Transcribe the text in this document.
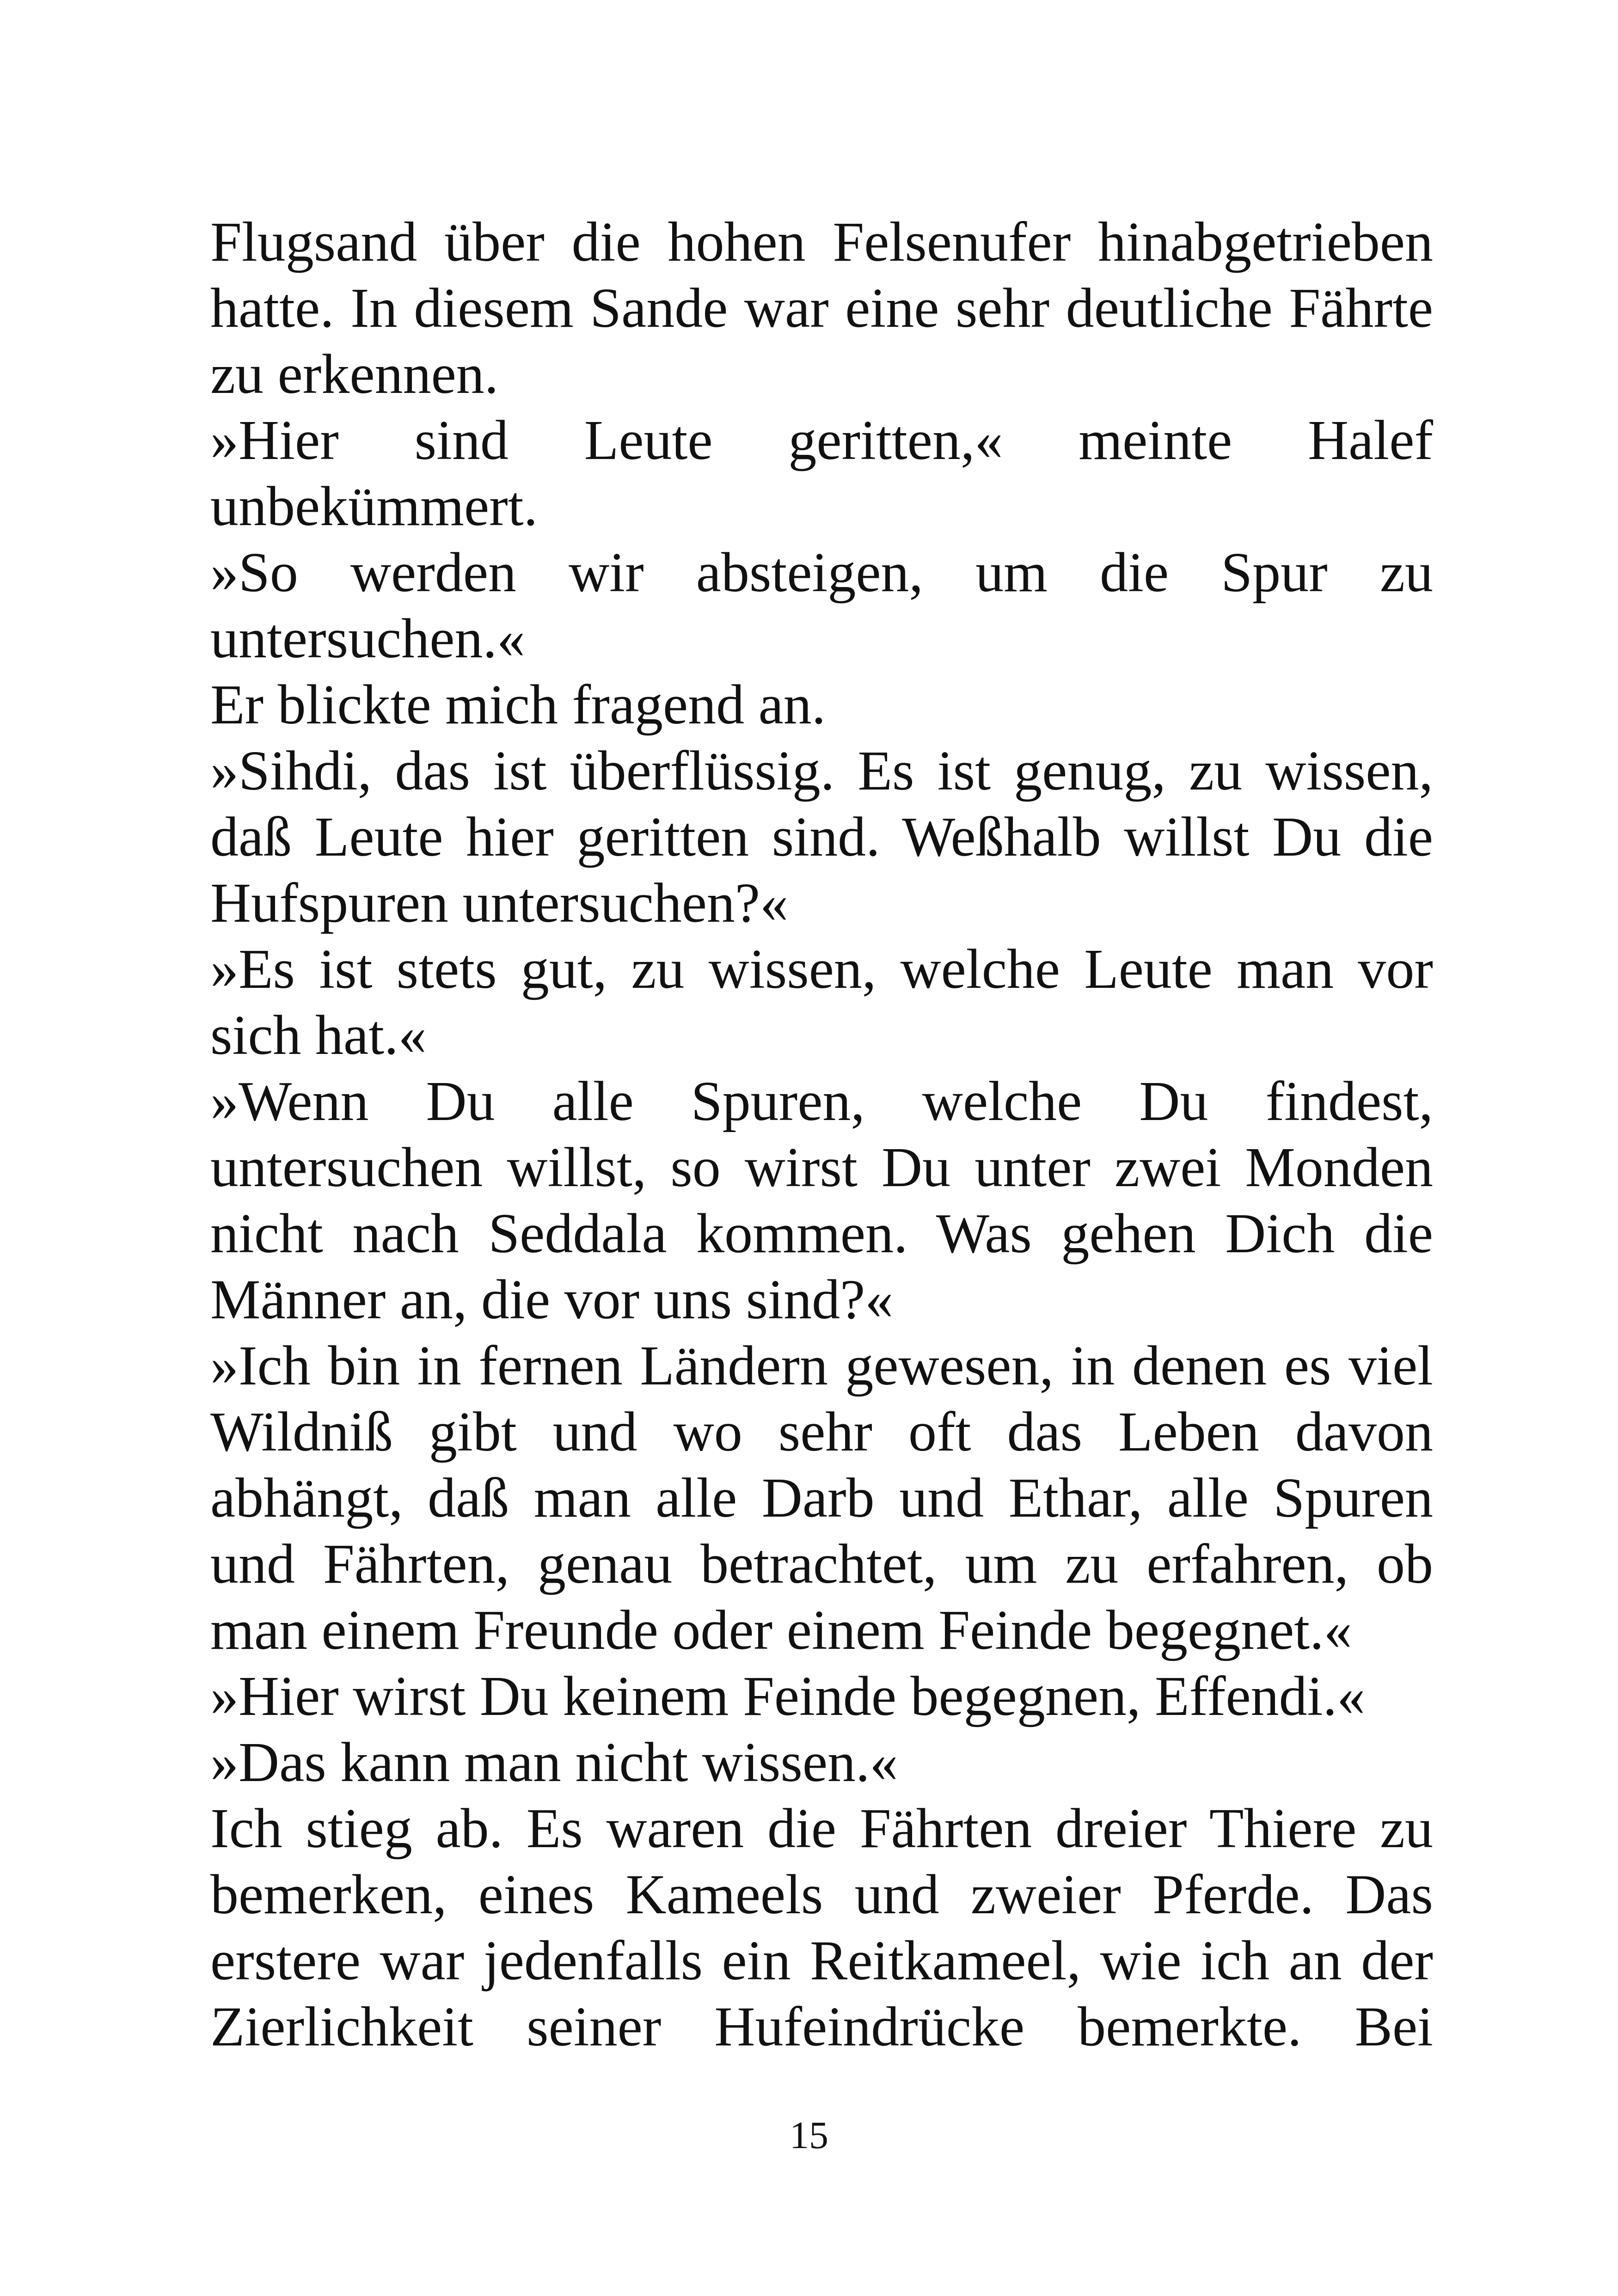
Flugsand über die hohen Felsenufer hinabgetrieben
hatte. In diesem Sande war eine sehr deutliche Fährte
zu erkennen.
»Hier sind Leute geritten,« meinte Halef
unbekümmert.
»So werden wir absteigen, um die Spur zu
untersuchen.«
Er blickte mich fragend an.
»Sihdi, das ist überflüssig. Es ist genug, zu wissen,
daß Leute hier geritten sind. Weßhalb willst Du die
Hufspuren untersuchen?«
»Es ist stets gut, zu wissen, welche Leute man vor
sich hat.«
»Wenn Du alle Spuren, welche Du findest,
untersuchen willst, so wirst Du unter zwei Monden
nicht nach Seddala kommen. Was gehen Dich die
Männer an, die vor uns sind?«
»Ich bin in fernen Ländern gewesen, in denen es viel
Wildniß gibt und wo sehr oft das Leben davon
abhängt, daß man alle Darb und Ethar, alle Spuren
und Fährten, genau betrachtet, um zu erfahren, ob
man einem Freunde oder einem Feinde begegnet.«
»Hier wirst Du keinem Feinde begegnen, Effendi.«
»Das kann man nicht wissen.«
Ich stieg ab. Es waren die Fährten dreier Thiere zu
bemerken, eines Kameels und zweier Pferde. Das
erstere war jedenfalls ein Reitkameel, wie ich an der
Zierlichkeit seiner Hufeindrücke bemerkte. Bei
15
